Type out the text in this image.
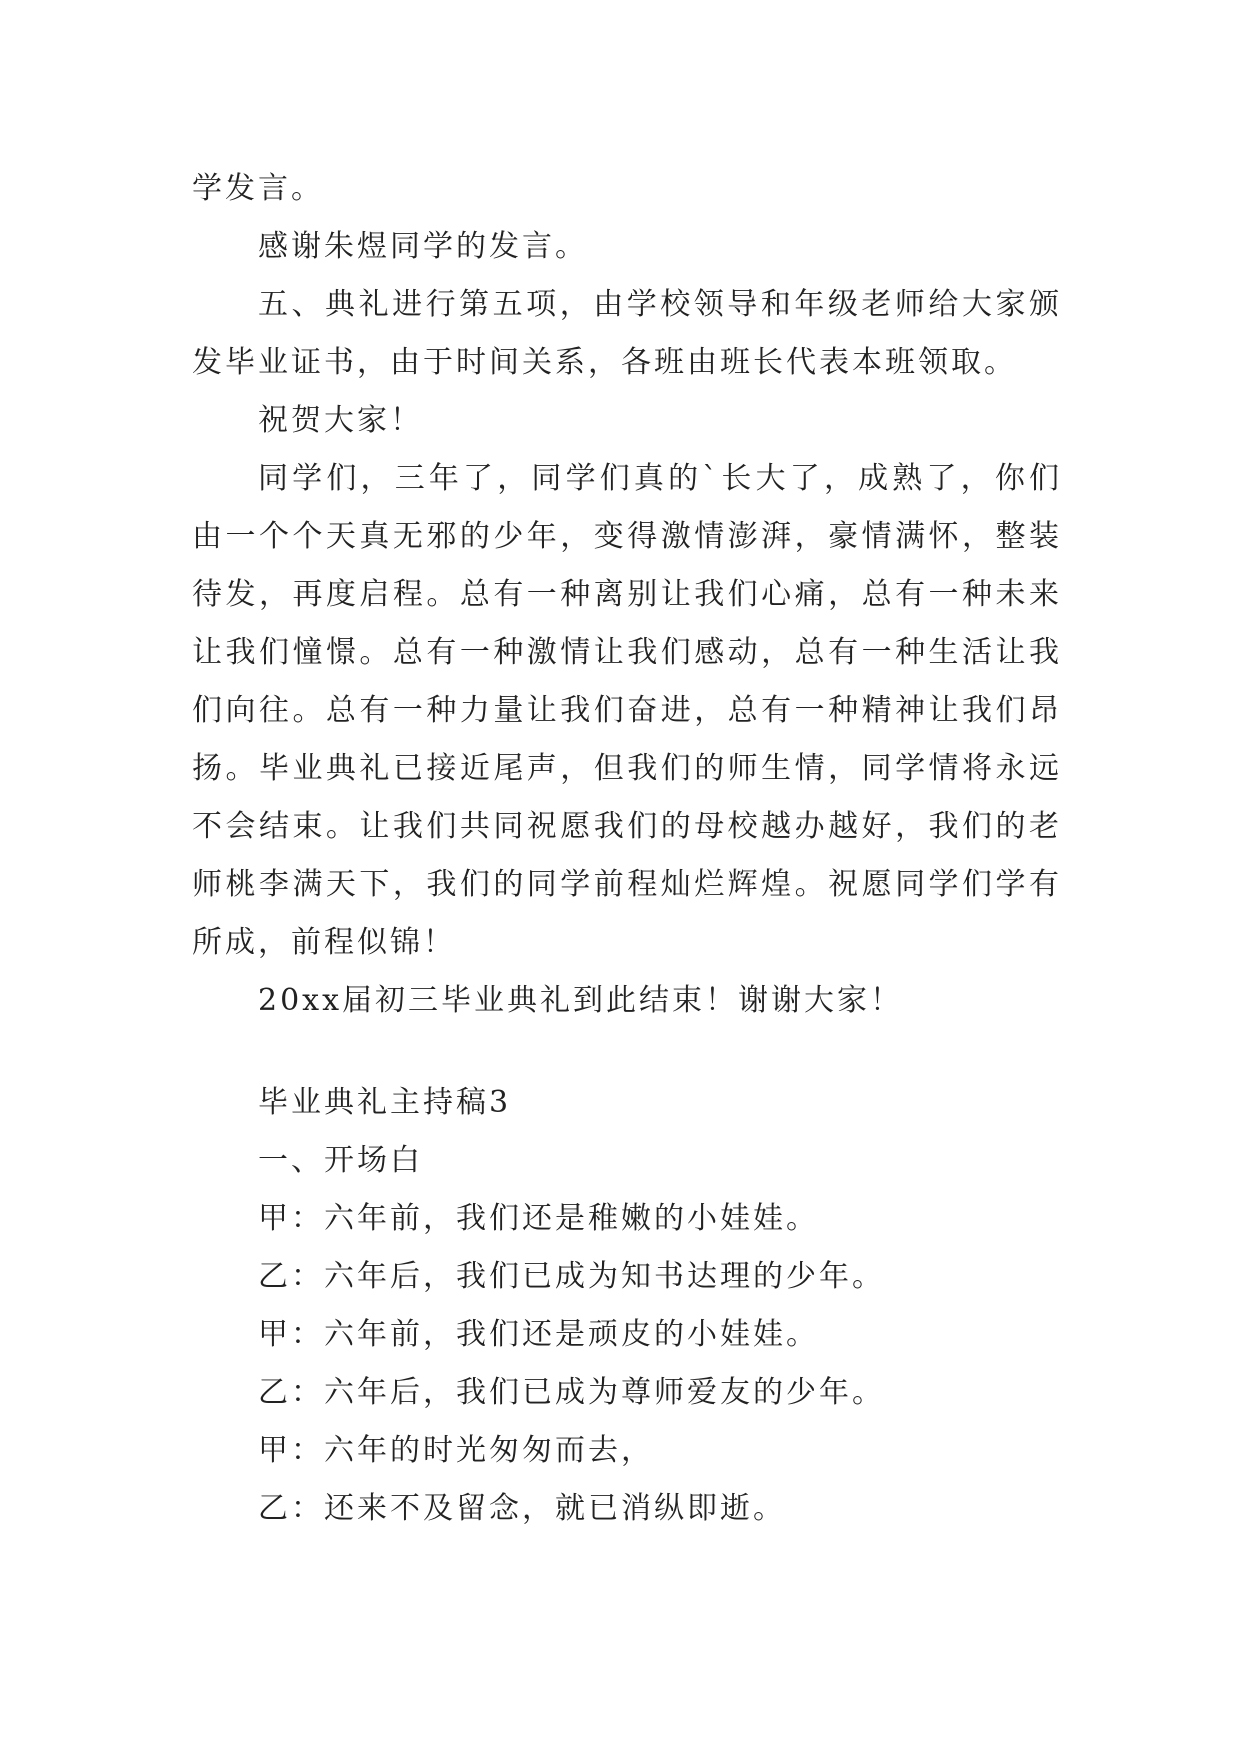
学发言。

感谢朱煜同学的发言。

五、典礼进行第五项，由学校领导和年级老师给大家颁发毕业证书，由于时间关系，各班由班长代表本班领取。

祝贺大家！

同学们，三年了，同学们真的`长大了，成熟了，你们由一个个天真无邪的少年，变得激情澎湃，豪情满怀，整装待发，再度启程。总有一种离别让我们心痛，总有一种未来让我们憧憬。总有一种激情让我们感动，总有一种生活让我们向往。总有一种力量让我们奋进，总有一种精神让我们昂扬。毕业典礼已接近尾声，但我们的师生情，同学情将永远不会结束。让我们共同祝愿我们的母校越办越好，我们的老师桃李满天下，我们的同学前程灿烂辉煌。祝愿同学们学有所成，前程似锦！

20xx届初三毕业典礼到此结束！谢谢大家！

毕业典礼主持稿3

一、开场白

甲：六年前，我们还是稚嫩的小娃娃。

乙：六年后，我们已成为知书达理的少年。

甲：六年前，我们还是顽皮的小娃娃。

乙：六年后，我们已成为尊师爱友的少年。

甲：六年的时光匆匆而去，

乙：还来不及留念，就已消纵即逝。
